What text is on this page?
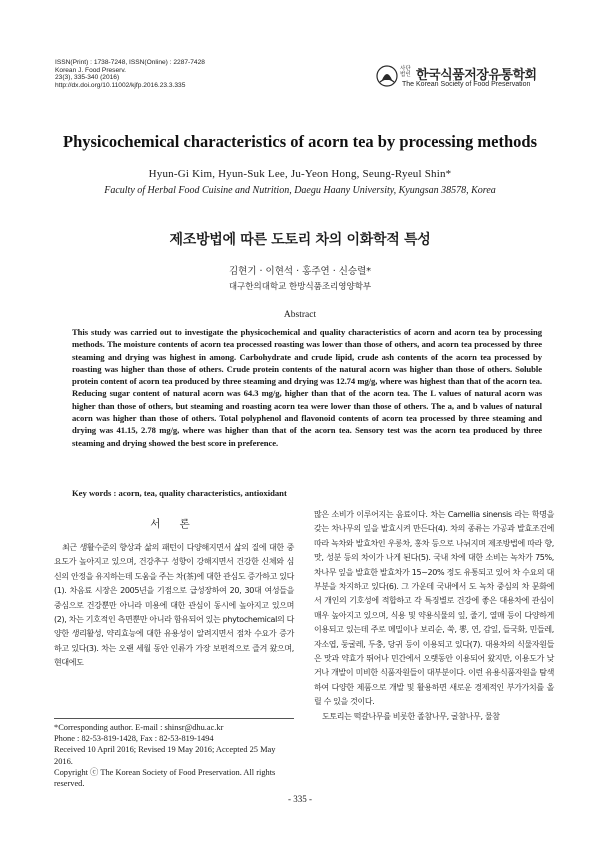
ISSN(Print) : 1738-7248, ISSN(Online) : 2287-7428
Korean J. Food Preserv.
23(3), 335-340 (2016)
http://dx.doi.org/10.11002/kjfp.2016.23.3.335
사단 법인 한국식품저장유통학회
The Korean Society of Food Preservation
Physicochemical characteristics of acorn tea by processing methods
Hyun-Gi Kim, Hyun-Suk Lee, Ju-Yeon Hong, Seung-Ryeul Shin*
Faculty of Herbal Food Cuisine and Nutrition, Daegu Haany University, Kyungsan 38578, Korea
제조방법에 따른 도토리 차의 이화학적 특성
김현기 · 이현석 · 홍주연 · 신승렬*
대구한의대학교 한방식품조리영양학부
Abstract
This study was carried out to investigate the physicochemical and quality characteristics of acorn and acorn tea by processing methods. The moisture contents of acorn tea processed roasting was lower than those of others, and acorn tea processed by three steaming and drying was highest in among. Carbohydrate and crude lipid, crude ash contents of the acorn tea processed by roasting was higher than those of others. Crude protein contents of the natural acorn was higher than those of others. Soluble protein content of acorn tea produced by three steaming and drying was 12.74 mg/g, where was highest than that of the acorn tea. Reducing sugar content of natural acorn was 64.3 mg/g, higher than that of the acorn tea. The L values of natural acorn was higher than those of others, but steaming and roasting acorn tea were lower than those of others. The a, and b values of natural acorn was higher than those of others. Total polyphenol and flavonoid contents of acorn tea processed by three steaming and drying was 41.15, 2.78 mg/g, where was higher than that of the acorn tea. Sensory test was the acorn tea produced by three steaming and drying showed the best score in preference.
Key words : acorn, tea, quality characteristics, antioxidant
서 론

최근 생활수준의 향상과 삶의 패턴이 다양해지면서 삶의 질에 대한 중요도가 높아지고 있으며, 건강추구 성향이 강해지면서 건강한 신체와 심신의 안정을 유지하는데 도움을 주는 차(茶)에 대한 관심도 증가하고 있다(1). 차음료 시장은 2005년을 기점으로 급성장하여 20, 30대 여성들을 중심으로 건강뿐만 아니라 미용에 대한 관심이 동시에 높아지고 있으며(2), 차는 기호적인 측면뿐만 아니라 함유되어 있는 phytochemical의 다양한 생리활성, 약리효능에 대한 유용성이 알려지면서 점차 수요가 증가하고 있다(3). 차는 오랜 세월 동안 인류가 가장 보편적으로 즐겨 왔으며, 현대에도

많은 소비가 이루어지는 음료이다. 차는 Camellia sinensis 라는 학명을 갖는 차나무의 잎을 발효시켜 만든다(4). 차의 종류는 가공과 발효조건에 따라 녹차와 발효차인 우롱차, 홍차 등으로 나뉘지며 제조방법에 따라 향, 맛, 성분 등의 차이가 나게 된다(5). 국내 차에 대한 소비는 녹차가 75%, 차나무 잎을 발효한 발효차가 15~20% 정도 유통되고 있어 차 수요의 대부분을 차지하고 있다(6). 그 가운데 국내에서 도 녹차 중심의 차 문화에서 개인의 기호성에 적합하고 각 특징별로 건강에 좋은 대용차에 관심이 매우 높아지고 있으며, 식용 및 약용식물의 잎, 줄기, 열매 등이 다양하게 이용되고 있는데 주로 메밀이나 보리순, 쑥, 뽕, 연, 감잎, 들국화, 민들레, 자소엽, 둥굴레, 두충, 당귀 등이 이용되고 있다(7). 대용차의 식물자원들은 맛과 약효가 뛰어나 민간에서 오랫동안 이용되어 왔지만, 이용도가 낮거나 개발이 미비한 식품자원들이 대부분이다. 이런 유용식품자원을 탐색하여 다양한 제품으로 개발 및 활용하면 새로운 경제적인 부가가치를 올릴 수 있을 것이다.

도토리는 떡갈나무를 비롯한 졸참나무, 굴참나무, 물참

*Corresponding author. E-mail : shinsr@dhu.ac.kr
Phone : 82-53-819-1428, Fax : 82-53-819-1494
Received 10 April 2016; Revised 19 May 2016; Accepted 25 May 2016.
Copyright ⓒ The Korean Society of Food Preservation. All rights reserved.
- 335 -
